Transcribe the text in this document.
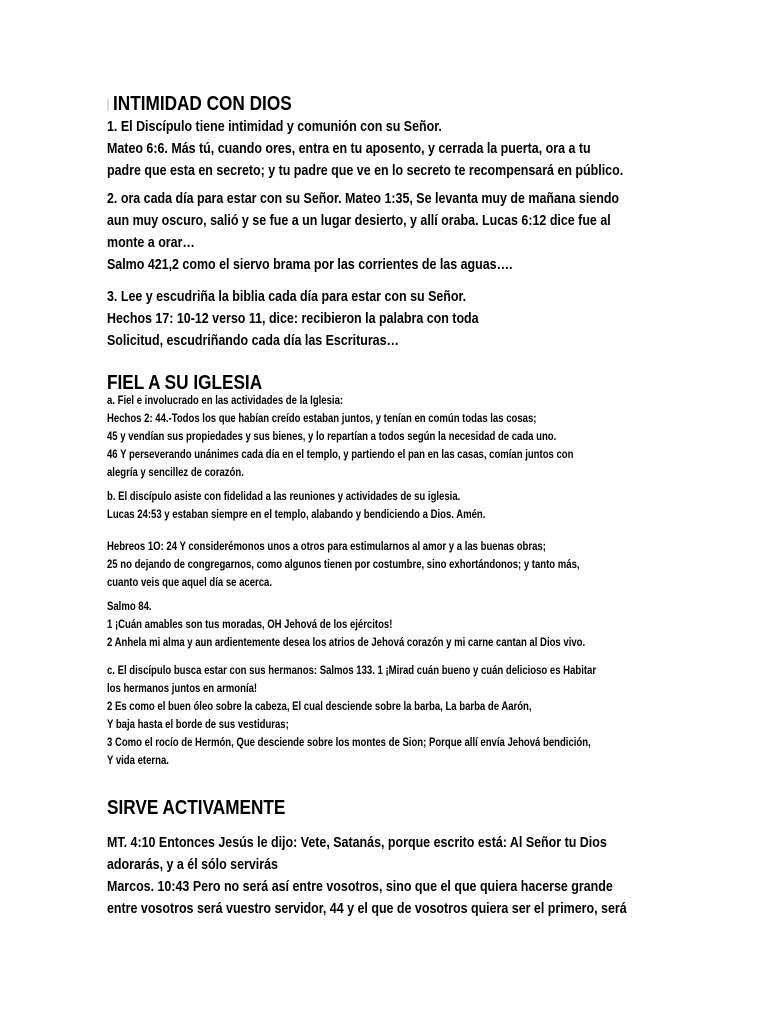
INTIMIDAD CON DIOS
1. El Discípulo tiene intimidad y comunión con su Señor.
Mateo 6:6. Más tú, cuando ores, entra en tu aposento, y cerrada la puerta, ora a tu
padre que esta en secreto; y tu padre que ve en lo secreto te recompensará en público.
2. ora cada día para estar con su Señor. Mateo 1:35, Se levanta muy de mañana siendo
aun muy oscuro, salió y se fue a un lugar desierto, y allí oraba. Lucas 6:12 dice fue al
monte a orar…
Salmo 421,2 como el siervo brama por las corrientes de las aguas….
3. Lee y escudriña la biblia cada día para estar con su Señor.
Hechos 17: 10-12 verso 11, dice: recibieron la palabra con toda
Solicitud, escudriñando cada día las Escrituras…
FIEL A SU IGLESIA
a. Fiel e involucrado en las actividades de la Iglesia:
Hechos 2: 44.-Todos los que habían creído estaban juntos, y tenían en común todas las cosas;
45 y vendían sus propiedades y sus bienes, y lo repartían a todos según la necesidad de cada uno.
46 Y perseverando unánimes cada día en el templo, y partiendo el pan en las casas, comían juntos con
alegría y sencillez de corazón.
b. El discípulo asiste con fidelidad a las reuniones y actividades de su iglesia.
Lucas 24:53 y estaban siempre en el templo, alabando y bendiciendo a Dios. Amén.
Hebreos 1O: 24 Y considerémonos unos a otros para estimularnos al amor y a las buenas obras;
25 no dejando de congregarnos, como algunos tienen por costumbre, sino exhortándonos; y tanto más,
cuanto veis que aquel día se acerca.
Salmo 84.
1 ¡Cuán amables son tus moradas, OH Jehová de los ejércitos!
2 Anhela mi alma y aun ardientemente desea los atrios de Jehová corazón y mi carne cantan al Dios vivo.
c. El discípulo busca estar con sus hermanos: Salmos 133. 1 ¡Mirad cuán bueno y cuán delicioso es Habitar
los hermanos juntos en armonía!
2 Es como el buen óleo sobre la cabeza, El cual desciende sobre la barba, La barba de Aarón,
Y baja hasta el borde de sus vestiduras;
3 Como el rocío de Hermón, Que desciende sobre los montes de Sion; Porque allí envía Jehová bendición,
Y vida eterna.
SIRVE ACTIVAMENTE
MT. 4:10 Entonces Jesús le dijo: Vete, Satanás, porque escrito está: Al Señor tu Dios
adorarás, y a él sólo servirás
Marcos. 10:43 Pero no será así entre vosotros, sino que el que quiera hacerse grande
entre vosotros será vuestro servidor, 44 y el que de vosotros quiera ser el primero, será
